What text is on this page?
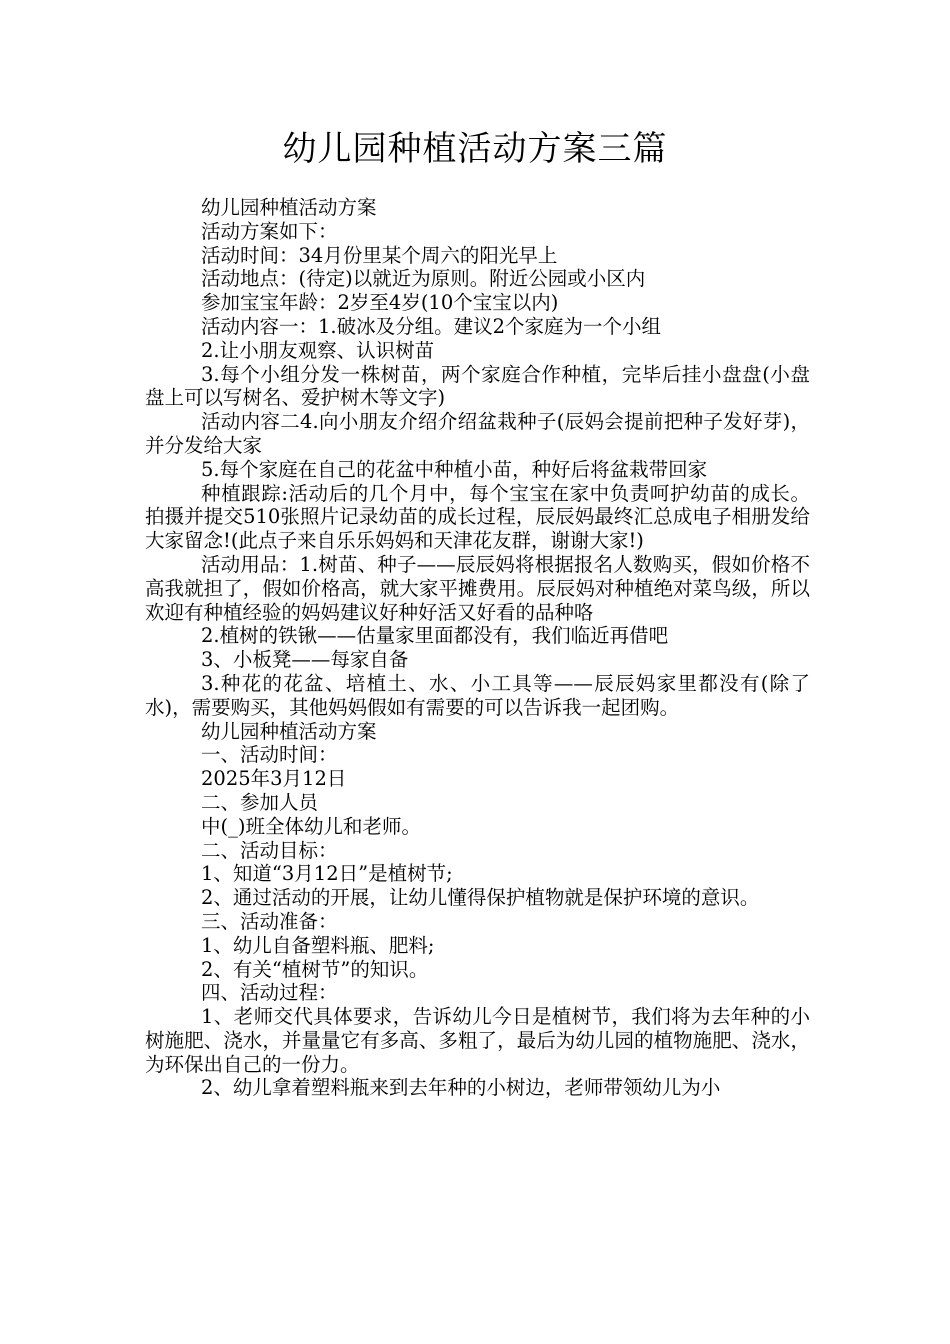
幼儿园种植活动方案三篇

幼儿园种植活动方案

活动方案如下：

活动时间：34月份里某个周六的阳光早上

活动地点：(待定)以就近为原则。附近公园或小区内

参加宝宝年龄：2岁至4岁(10个宝宝以内)

活动内容一：1.破冰及分组。建议2个家庭为一个小组

2.让小朋友观察、认识树苗

3.每个小组分发一株树苗，两个家庭合作种植，完毕后挂小盘盘(小盘盘上可以写树名、爱护树木等文字)

活动内容二4.向小朋友介绍介绍盆栽种子(辰妈会提前把种子发好芽)，并分发给大家

5.每个家庭在自己的花盆中种植小苗，种好后将盆栽带回家

种植跟踪:活动后的几个月中，每个宝宝在家中负责呵护幼苗的成长。拍摄并提交510张照片记录幼苗的成长过程，辰辰妈最终汇总成电子相册发给大家留念!(此点子来自乐乐妈妈和天津花友群，谢谢大家!)

活动用品：1.树苗、种子——辰辰妈将根据报名人数购买，假如价格不高我就担了，假如价格高，就大家平摊费用。辰辰妈对种植绝对菜鸟级，所以欢迎有种植经验的妈妈建议好种好活又好看的品种咯

2.植树的铁锹——估量家里面都没有，我们临近再借吧

3、小板凳——每家自备

3.种花的花盆、培植土、水、小工具等——辰辰妈家里都没有(除了水)，需要购买，其他妈妈假如有需要的可以告诉我一起团购。

幼儿园种植活动方案

一、活动时间：

2025年3月12日

二、参加人员

中(_)班全体幼儿和老师。

二、活动目标：

1、知道“3月12日”是植树节;

2、通过活动的开展，让幼儿懂得保护植物就是保护环境的意识。

三、活动准备：

1、幼儿自备塑料瓶、肥料;

2、有关“植树节”的知识。

四、活动过程：

1、老师交代具体要求，告诉幼儿今日是植树节，我们将为去年种的小树施肥、浇水，并量量它有多高、多粗了，最后为幼儿园的植物施肥、浇水，为环保出自己的一份力。

2、幼儿拿着塑料瓶来到去年种的小树边，老师带领幼儿为小
